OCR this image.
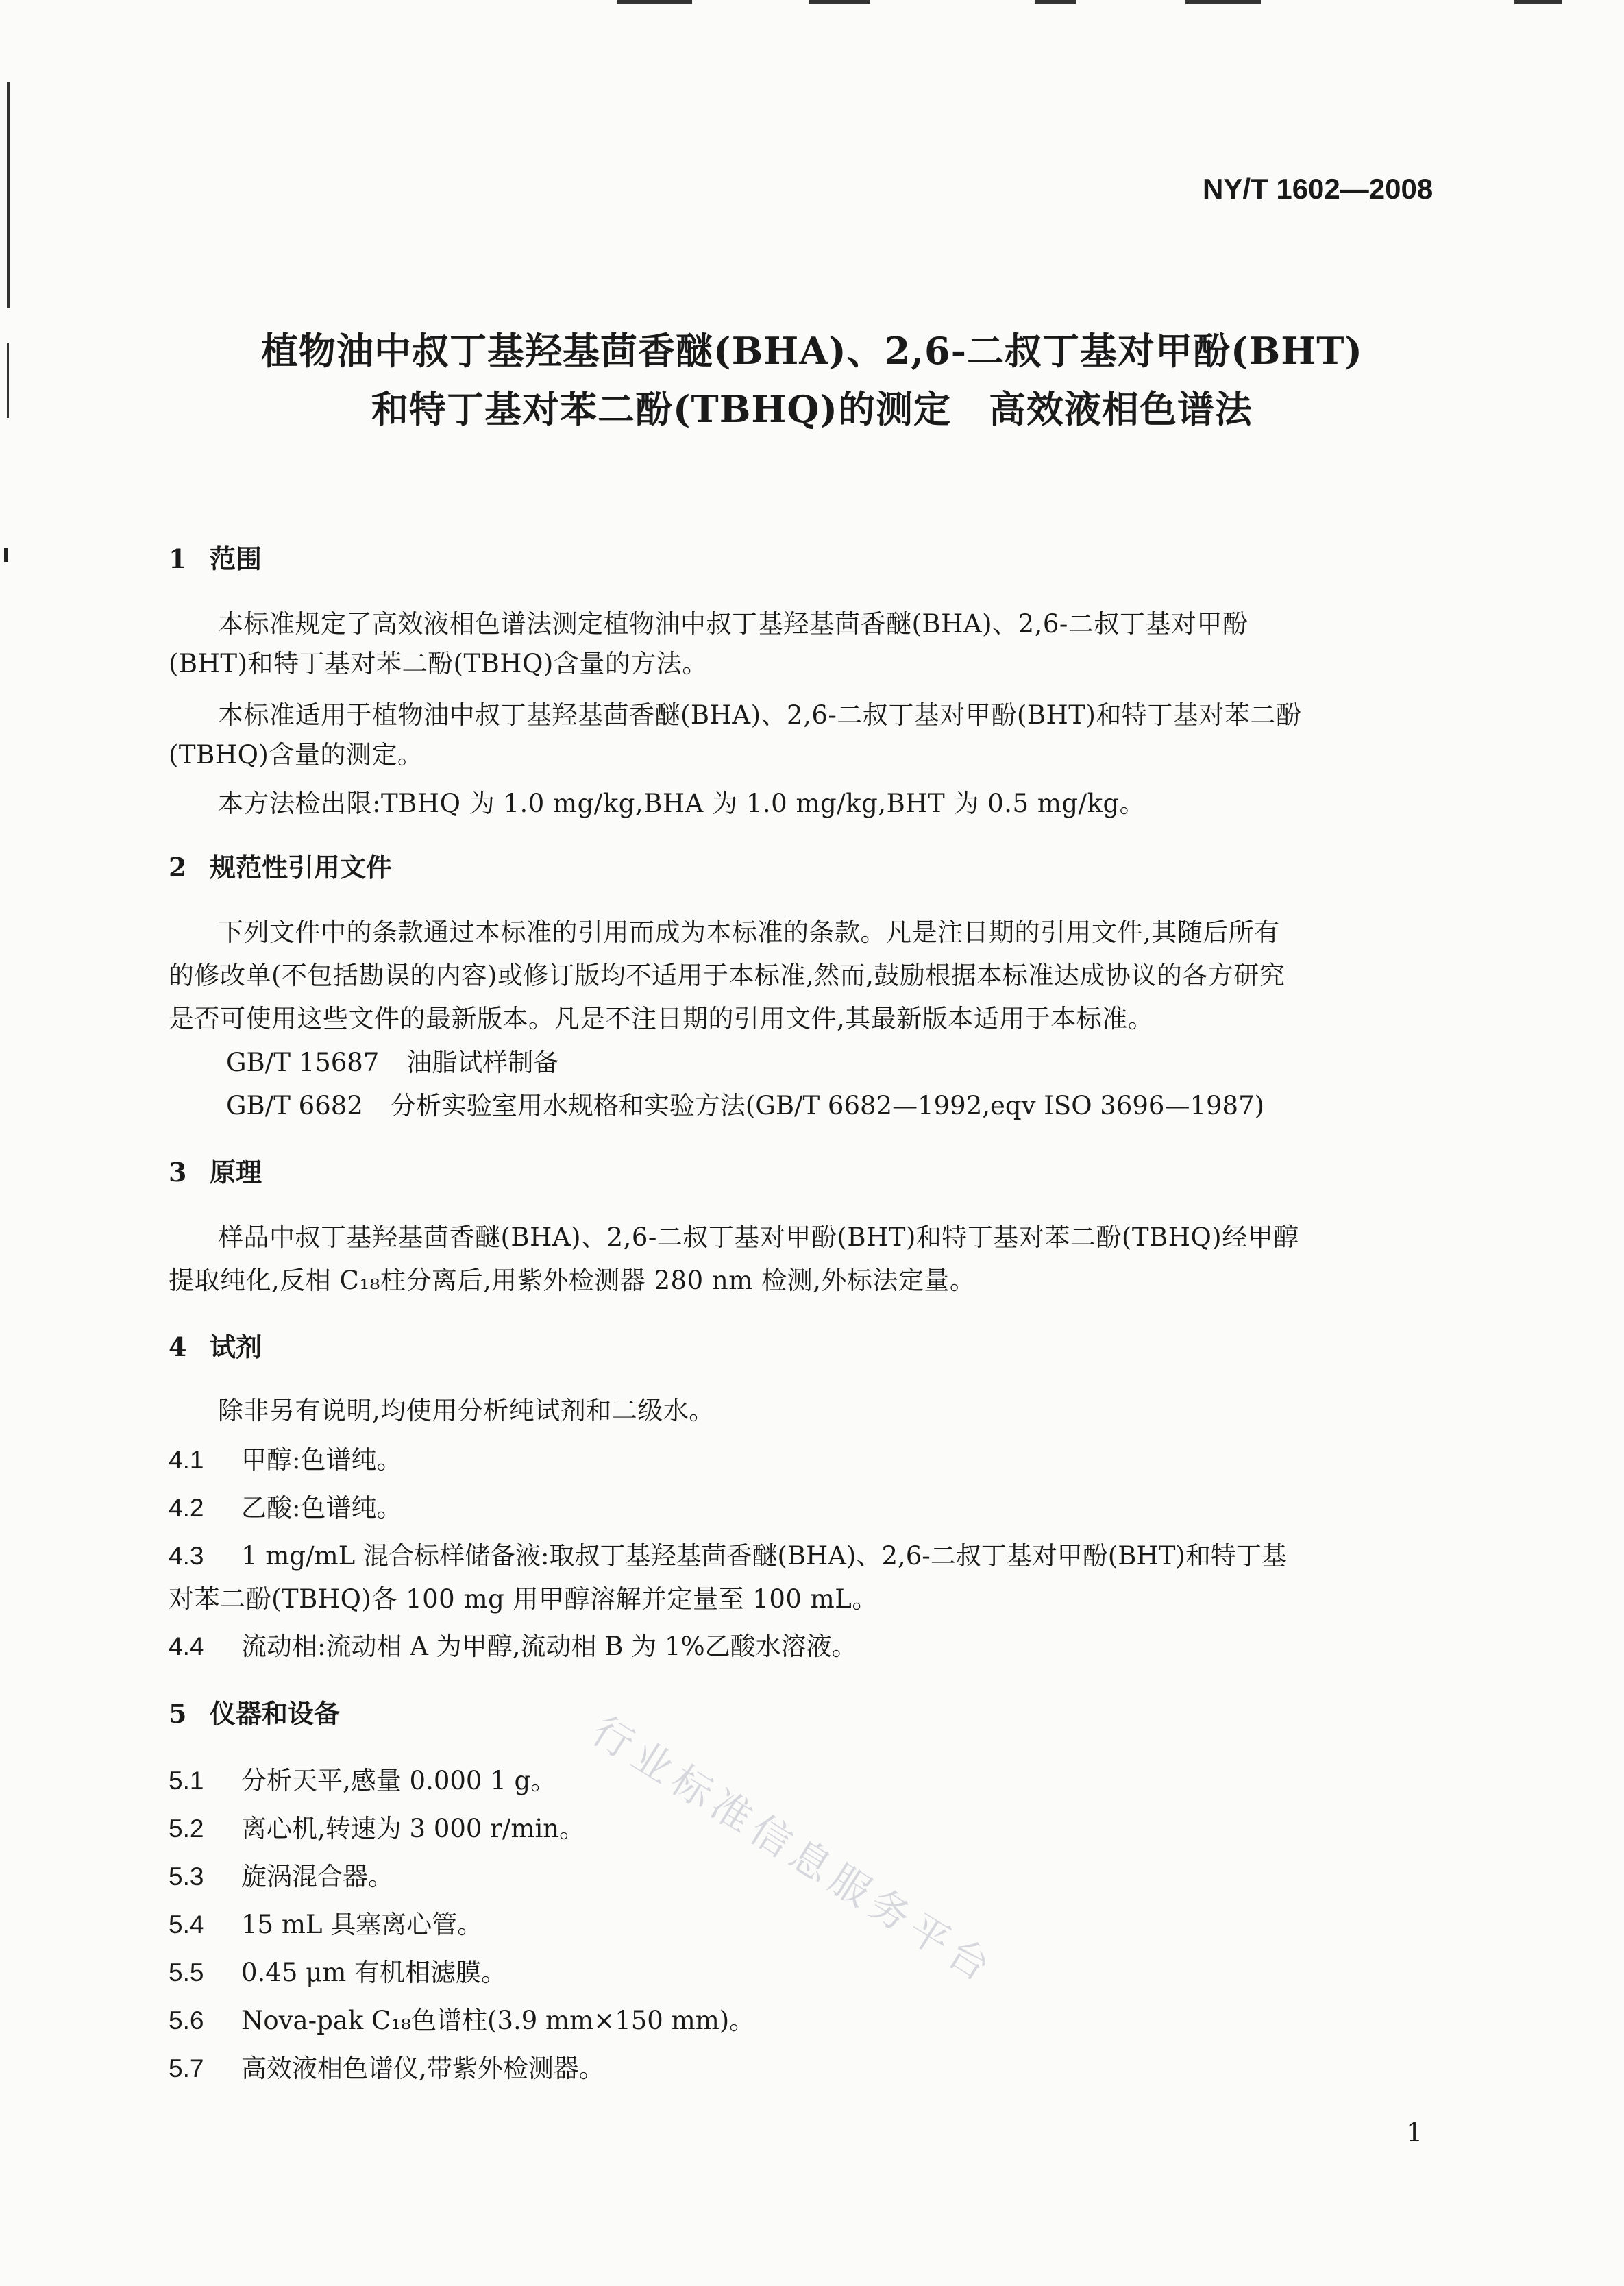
NY/T 1602—2008
植物油中叔丁基羟基茴香醚(BHA)、2,6-二叔丁基对甲酚(BHT)
和特丁基对苯二酚(TBHQ)的测定　高效液相色谱法
1 范围
本标准规定了高效液相色谱法测定植物油中叔丁基羟基茴香醚(BHA)、2,6-二叔丁基对甲酚
(BHT)和特丁基对苯二酚(TBHQ)含量的方法。
本标准适用于植物油中叔丁基羟基茴香醚(BHA)、2,6-二叔丁基对甲酚(BHT)和特丁基对苯二酚
(TBHQ)含量的测定。
本方法检出限:TBHQ 为 1.0 mg/kg,BHA 为 1.0 mg/kg,BHT 为 0.5 mg/kg。
2 规范性引用文件
下列文件中的条款通过本标准的引用而成为本标准的条款。凡是注日期的引用文件,其随后所有
的修改单(不包括勘误的内容)或修订版均不适用于本标准,然而,鼓励根据本标准达成协议的各方研究
是否可使用这些文件的最新版本。凡是不注日期的引用文件,其最新版本适用于本标准。
GB/T 15687 油脂试样制备
GB/T 6682 分析实验室用水规格和实验方法(GB/T 6682—1992,eqv ISO 3696—1987)
3 原理
样品中叔丁基羟基茴香醚(BHA)、2,6-二叔丁基对甲酚(BHT)和特丁基对苯二酚(TBHQ)经甲醇
提取纯化,反相 C₁₈柱分离后,用紫外检测器 280 nm 检测,外标法定量。
4 试剂
除非另有说明,均使用分析纯试剂和二级水。
4.1 甲醇:色谱纯。
4.2 乙酸:色谱纯。
4.3 1 mg/mL 混合标样储备液:取叔丁基羟基茴香醚(BHA)、2,6-二叔丁基对甲酚(BHT)和特丁基
对苯二酚(TBHQ)各 100 mg 用甲醇溶解并定量至 100 mL。
4.4 流动相:流动相 A 为甲醇,流动相 B 为 1%乙酸水溶液。
5 仪器和设备
5.1 分析天平,感量 0.000 1 g。
5.2 离心机,转速为 3 000 r/min。
5.3 旋涡混合器。
5.4 15 mL 具塞离心管。
5.5 0.45 μm 有机相滤膜。
5.6 Nova-pak C₁₈色谱柱(3.9 mm×150 mm)。
5.7 高效液相色谱仪,带紫外检测器。
行业标准信息服务平台
1
